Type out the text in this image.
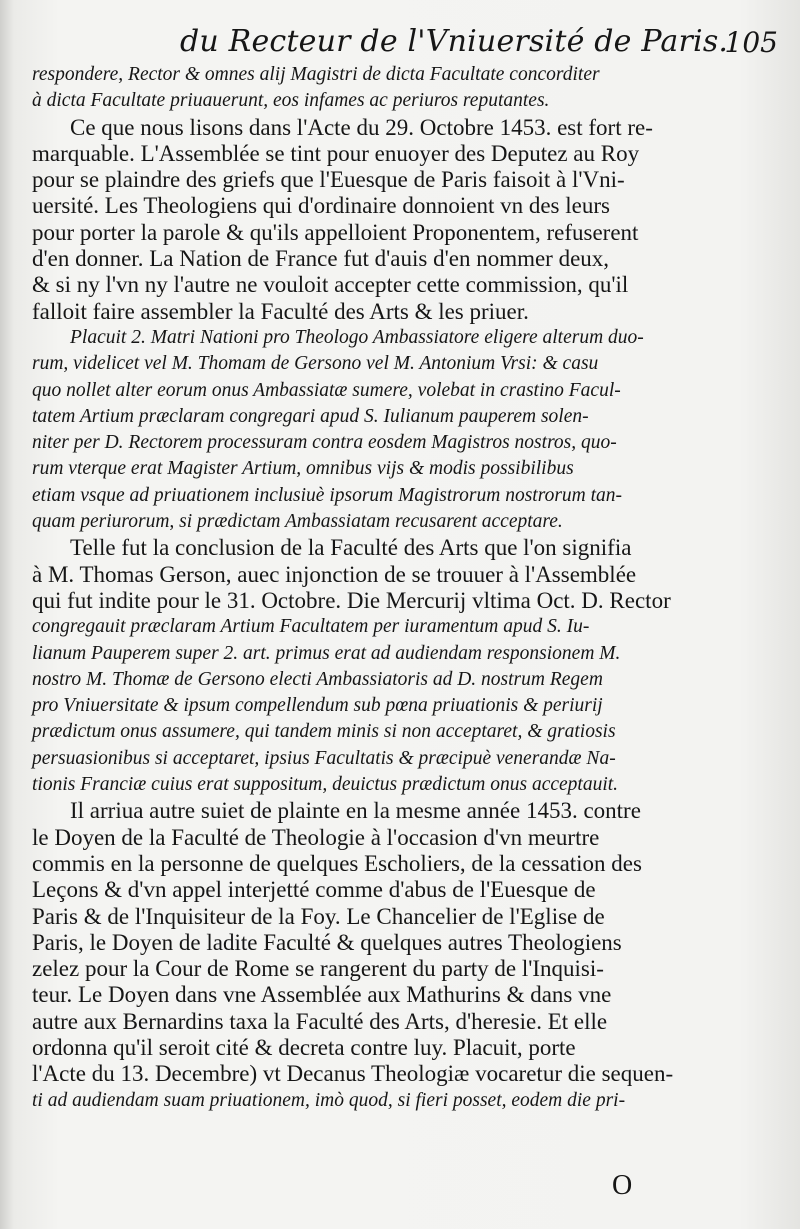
du Recteur de l'Vniuersité de Paris.
105
respondere, Rector & omnes alij Magistri de dicta Facultate concorditer
à dicta Facultate priuauerunt, eos infames ac periuros reputantes.
Ce que nous lisons dans l'Acte du 29. Octobre 1453. est fort re-
marquable. L'Assemblée se tint pour enuoyer des Deputez au Roy
pour se plaindre des griefs que l'Euesque de Paris faisoit à l'Vni-
uersité. Les Theologiens qui d'ordinaire donnoient vn des leurs
pour porter la parole & qu'ils appelloient Proponentem, refuserent
d'en donner. La Nation de France fut d'auis d'en nommer deux,
& si ny l'vn ny l'autre ne vouloit accepter cette commission, qu'il
falloit faire assembler la Faculté des Arts & les priuer.
Placuit 2. Matri Nationi pro Theologo Ambassiatore eligere alterum duo-
rum, videlicet vel M. Thomam de Gersono vel M. Antonium Vrsi: & casu
quo nollet alter eorum onus Ambassiatæ sumere, volebat in crastino Facul-
tatem Artium præclaram congregari apud S. Iulianum pauperem solen-
niter per D. Rectorem processuram contra eosdem Magistros nostros, quo-
rum vterque erat Magister Artium, omnibus vijs & modis possibilibus
etiam vsque ad priuationem inclusiuè ipsorum Magistrorum nostrorum tan-
quam periurorum, si prædictam Ambassiatam recusarent acceptare.
Telle fut la conclusion de la Faculté des Arts que l'on signifia
à M. Thomas Gerson, auec injonction de se trouuer à l'Assemblée
qui fut indite pour le 31. Octobre. Die Mercurij vltima Oct. D. Rector
congregauit præclaram Artium Facultatem per iuramentum apud S. Iu-
lianum Pauperem super 2. art. primus erat ad audiendam responsionem M.
nostro M. Thomæ de Gersono electi Ambassiatoris ad D. nostrum Regem
pro Vniuersitate & ipsum compellendum sub pœna priuationis & periurij
prædictum onus assumere, qui tandem minis si non acceptaret, & gratiosis
persuasionibus si acceptaret, ipsius Facultatis & præcipuè venerandæ Na-
tionis Franciæ cuius erat suppositum, deuictus prædictum onus acceptauit.
Il arriua autre suiet de plainte en la mesme année 1453. contre
le Doyen de la Faculté de Theologie à l'occasion d'vn meurtre
commis en la personne de quelques Escholiers, de la cessation des
Leçons & d'vn appel interjetté comme d'abus de l'Euesque de
Paris & de l'Inquisiteur de la Foy. Le Chancelier de l'Eglise de
Paris, le Doyen de ladite Faculté & quelques autres Theologiens
zelez pour la Cour de Rome se rangerent du party de l'Inquisi-
teur. Le Doyen dans vne Assemblée aux Mathurins & dans vne
autre aux Bernardins taxa la Faculté des Arts, d'heresie. Et elle
ordonna qu'il seroit cité & decreta contre luy. Placuit, porte
l'Acte du 13. Decembre) vt Decanus Theologiæ vocaretur die sequen-
ti ad audiendam suam priuationem, imò quod, si fieri posset, eodem die pri-
O
